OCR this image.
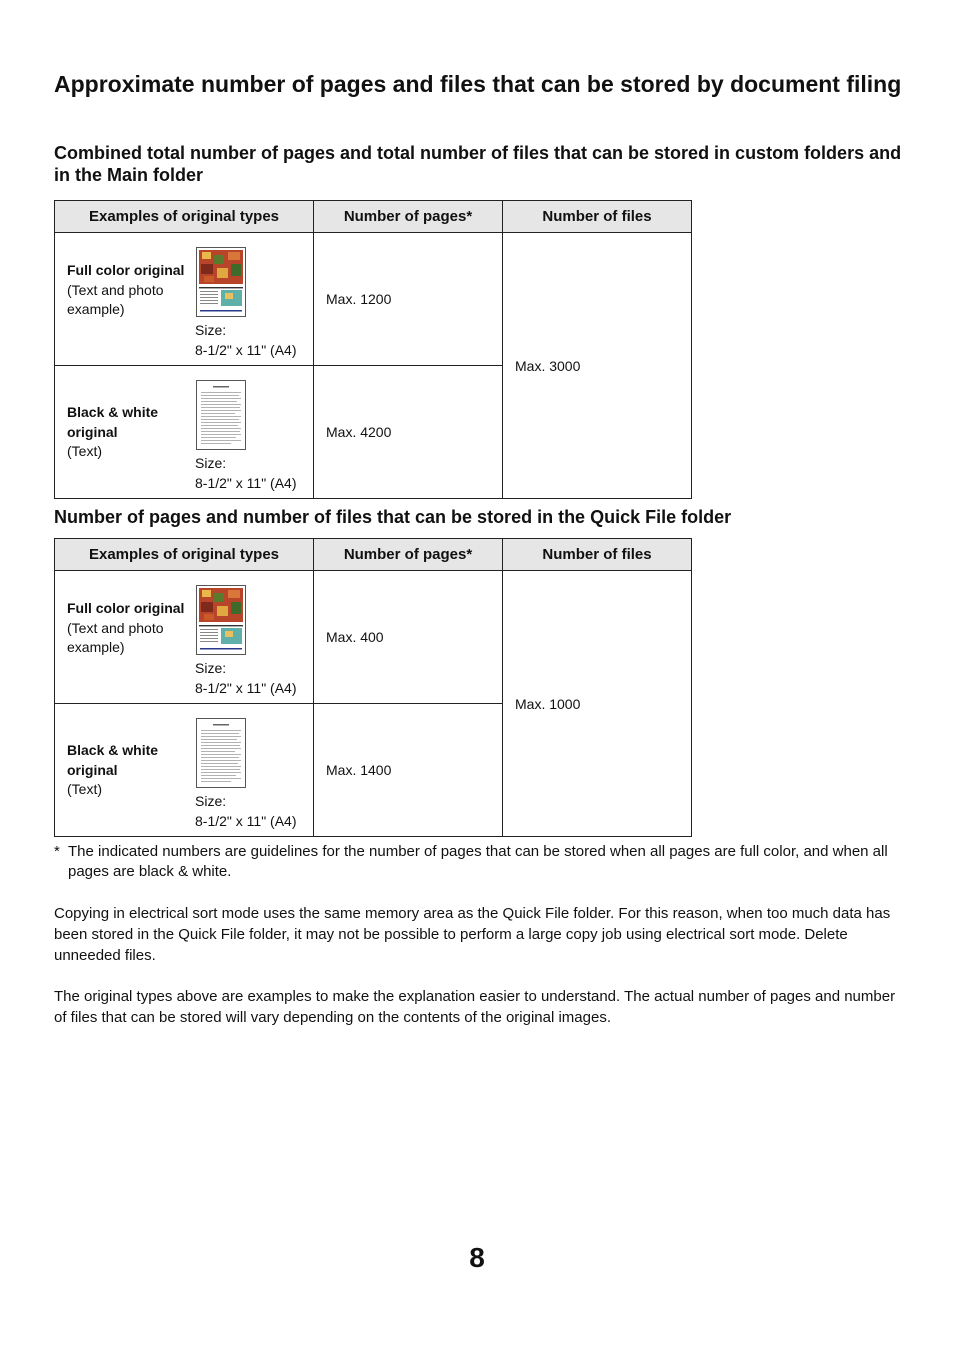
Approximate number of pages and files that can be stored by document filing
Combined total number of pages and total number of files that can be stored in custom folders and in the Main folder
Examples of original types	Number of pages*	Number of files

Full color original
(Text and photo example)
Size:
8-1/2" x 11" (A4)	Max. 1200	Max. 3000

Black & white original
(Text)
Size:
8-1/2" x 11" (A4)	Max. 4200	
Number of pages and number of files that can be stored in the Quick File folder
Examples of original types	Number of pages*	Number of files

Full color original
(Text and photo example)
Size:
8-1/2" x 11" (A4)	Max. 400	Max. 1000

Black & white original
(Text)
Size:
8-1/2" x 11" (A4)	Max. 1400	

* The indicated numbers are guidelines for the number of pages that can be stored when all pages are full color, and when all pages are black & white.

Copying in electrical sort mode uses the same memory area as the Quick File folder. For this reason, when too much data has been stored in the Quick File folder, it may not be possible to perform a large copy job using electrical sort mode. Delete unneeded files.

The original types above are examples to make the explanation easier to understand. The actual number of pages and number of files that can be stored will vary depending on the contents of the original images.

8
